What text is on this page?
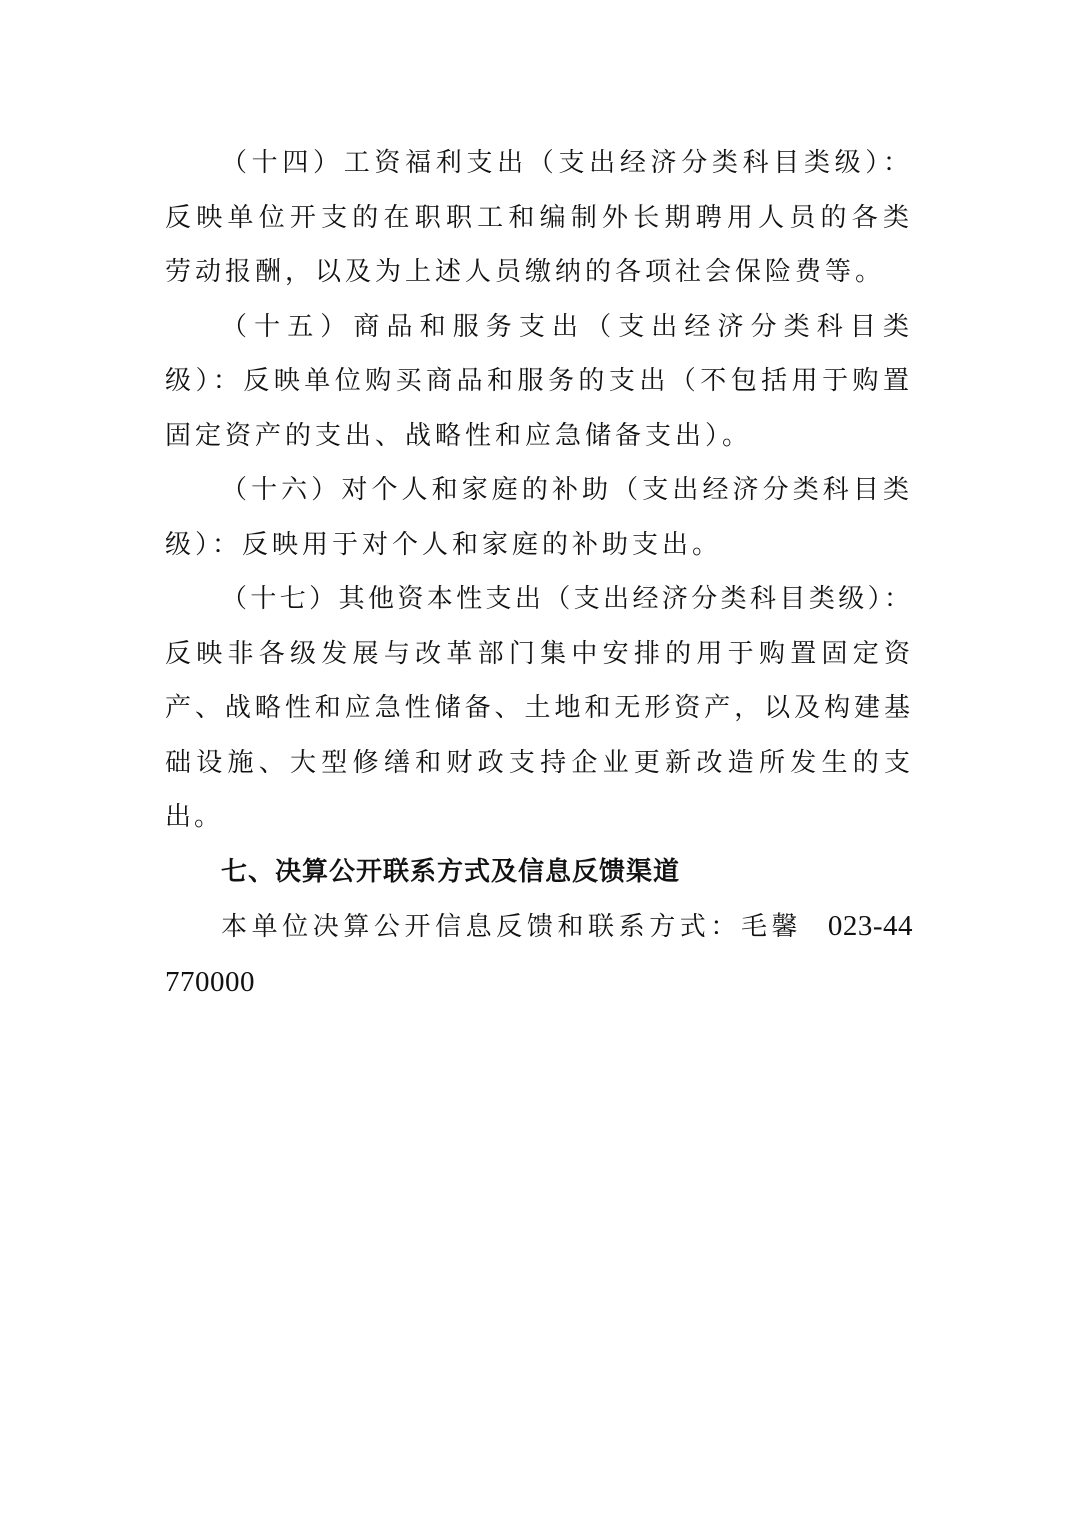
（十四）工资福利支出（支出经济分类科目类级）：反映单位开支的在职职工和编制外长期聘用人员的各类劳动报酬，以及为上述人员缴纳的各项社会保险费等。

（十五）商品和服务支出（支出经济分类科目类级）：反映单位购买商品和服务的支出（不包括用于购置固定资产的支出、战略性和应急储备支出）。

（十六）对个人和家庭的补助（支出经济分类科目类级）：反映用于对个人和家庭的补助支出。

（十七）其他资本性支出（支出经济分类科目类级）：反映非各级发展与改革部门集中安排的用于购置固定资产、战略性和应急性储备、土地和无形资产，以及构建基础设施、大型修缮和财政支持企业更新改造所发生的支出。

七、决算公开联系方式及信息反馈渠道

本单位决算公开信息反馈和联系方式：毛馨 023-44770000
